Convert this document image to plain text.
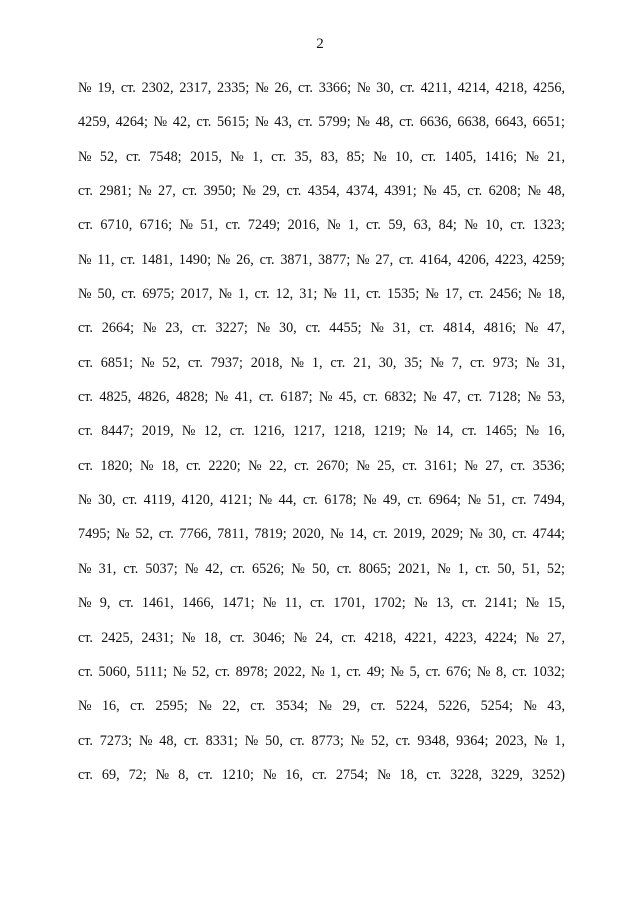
2
№ 19, ст. 2302, 2317, 2335; № 26, ст. 3366; № 30, ст. 4211, 4214, 4218, 4256,
4259, 4264; № 42, ст. 5615; № 43, ст. 5799; № 48, ст. 6636, 6638, 6643, 6651;
№ 52, ст. 7548; 2015, № 1, ст. 35, 83, 85; № 10, ст. 1405, 1416; № 21,
ст. 2981; № 27, ст. 3950; № 29, ст. 4354, 4374, 4391; № 45, ст. 6208; № 48,
ст. 6710, 6716; № 51, ст. 7249; 2016, № 1, ст. 59, 63, 84; № 10, ст. 1323;
№ 11, ст. 1481, 1490; № 26, ст. 3871, 3877; № 27, ст. 4164, 4206, 4223, 4259;
№ 50, ст. 6975; 2017, № 1, ст. 12, 31; № 11, ст. 1535; № 17, ст. 2456; № 18,
ст. 2664; № 23, ст. 3227; № 30, ст. 4455; № 31, ст. 4814, 4816; № 47,
ст. 6851; № 52, ст. 7937; 2018, № 1, ст. 21, 30, 35; № 7, ст. 973; № 31,
ст. 4825, 4826, 4828; № 41, ст. 6187; № 45, ст. 6832; № 47, ст. 7128; № 53,
ст. 8447; 2019, № 12, ст. 1216, 1217, 1218, 1219; № 14, ст. 1465; № 16,
ст. 1820; № 18, ст. 2220; № 22, ст. 2670; № 25, ст. 3161; № 27, ст. 3536;
№ 30, ст. 4119, 4120, 4121; № 44, ст. 6178; № 49, ст. 6964; № 51, ст. 7494,
7495; № 52, ст. 7766, 7811, 7819; 2020, № 14, ст. 2019, 2029; № 30, ст. 4744;
№ 31, ст. 5037; № 42, ст. 6526; № 50, ст. 8065; 2021, № 1, ст. 50, 51, 52;
№ 9, ст. 1461, 1466, 1471; № 11, ст. 1701, 1702; № 13, ст. 2141; № 15,
ст. 2425, 2431; № 18, ст. 3046; № 24, ст. 4218, 4221, 4223, 4224; № 27,
ст. 5060, 5111; № 52, ст. 8978; 2022, № 1, ст. 49; № 5, ст. 676; № 8, ст. 1032;
№ 16, ст. 2595; № 22, ст. 3534; № 29, ст. 5224, 5226, 5254; № 43,
ст. 7273; № 48, ст. 8331; № 50, ст. 8773; № 52, ст. 9348, 9364; 2023, № 1,
ст. 69, 72; № 8, ст. 1210; № 16, ст. 2754; № 18, ст. 3228, 3229, 3252)
